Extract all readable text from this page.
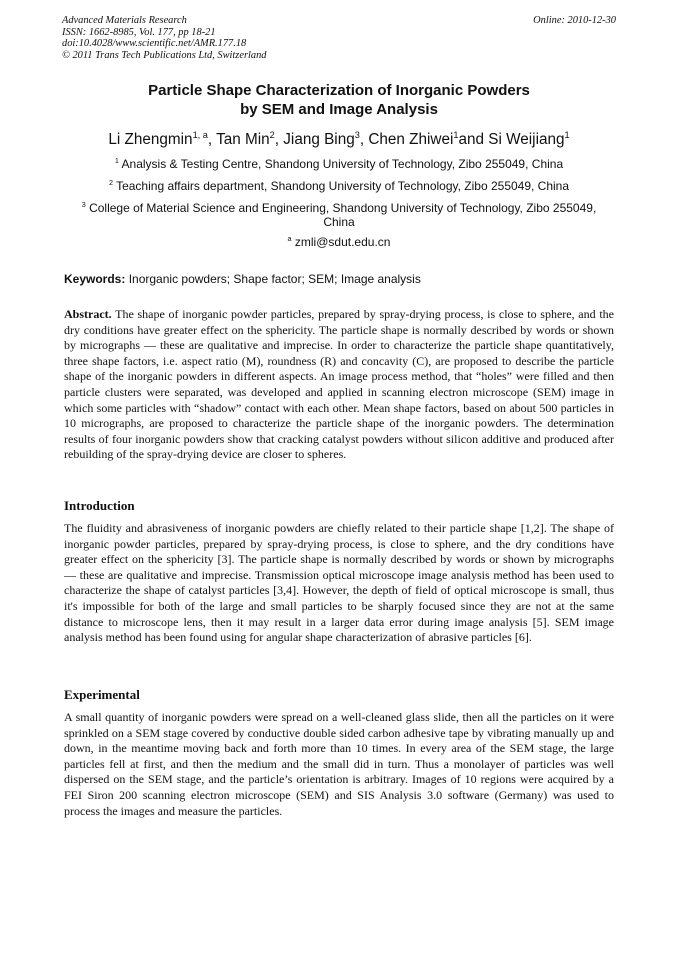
Advanced Materials Research
ISSN: 1662-8985, Vol. 177, pp 18-21
doi:10.4028/www.scientific.net/AMR.177.18
© 2011 Trans Tech Publications Ltd, Switzerland
Online: 2010-12-30
Particle Shape Characterization of Inorganic Powders
by SEM and Image Analysis
Li Zhengmin$^{1, a}$, Tan Min$^2$, Jiang Bing$^3$, Chen Zhiwei$^1$and Si Weijiang$^1$
$^1$ Analysis & Testing Centre, Shandong University of Technology, Zibo 255049, China
$^2$ Teaching affairs department, Shandong University of Technology, Zibo 255049, China
$^3$ College of Material Science and Engineering, Shandong University of Technology, Zibo 255049, China
$^a$ zmli@sdut.edu.cn
Keywords: Inorganic powders; Shape factor; SEM; Image analysis
Abstract. The shape of inorganic powder particles, prepared by spray-drying process, is close to sphere, and the dry conditions have greater effect on the sphericity. The particle shape is normally described by words or shown by micrographs — these are qualitative and imprecise. In order to characterize the particle shape quantitatively, three shape factors, i.e. aspect ratio (M), roundness (R) and concavity (C), are proposed to describe the particle shape of the inorganic powders in different aspects. An image process method, that “holes” were filled and then particle clusters were separated, was developed and applied in scanning electron microscope (SEM) image in which some particles with “shadow” contact with each other. Mean shape factors, based on about 500 particles in 10 micrographs, are proposed to characterize the particle shape of the inorganic powders. The determination results of four inorganic powders show that cracking catalyst powders without silicon additive and produced after rebuilding of the spray-drying device are closer to spheres.
Introduction
The fluidity and abrasiveness of inorganic powders are chiefly related to their particle shape [1,2]. The shape of inorganic powder particles, prepared by spray-drying process, is close to sphere, and the dry conditions have greater effect on the sphericity [3]. The particle shape is normally described by words or shown by micrographs — these are qualitative and imprecise. Transmission optical microscope image analysis method has been used to characterize the shape of catalyst particles [3,4]. However, the depth of field of optical microscope is small, thus it's impossible for both of the large and small particles to be sharply focused since they are not at the same distance to microscope lens, then it may result in a larger data error during image analysis [5]. SEM image analysis method has been found using for angular shape characterization of abrasive particles [6].
Experimental
A small quantity of inorganic powders were spread on a well-cleaned glass slide, then all the particles on it were sprinkled on a SEM stage covered by conductive double sided carbon adhesive tape by vibrating manually up and down, in the meantime moving back and forth more than 10 times. In every area of the SEM stage, the large particles fell at first, and then the medium and the small did in turn. Thus a monolayer of particles was well dispersed on the SEM stage, and the particle’s orientation is arbitrary. Images of 10 regions were acquired by a FEI Siron 200 scanning electron microscope (SEM) and SIS Analysis 3.0 software (Germany) was used to process the images and measure the particles.
